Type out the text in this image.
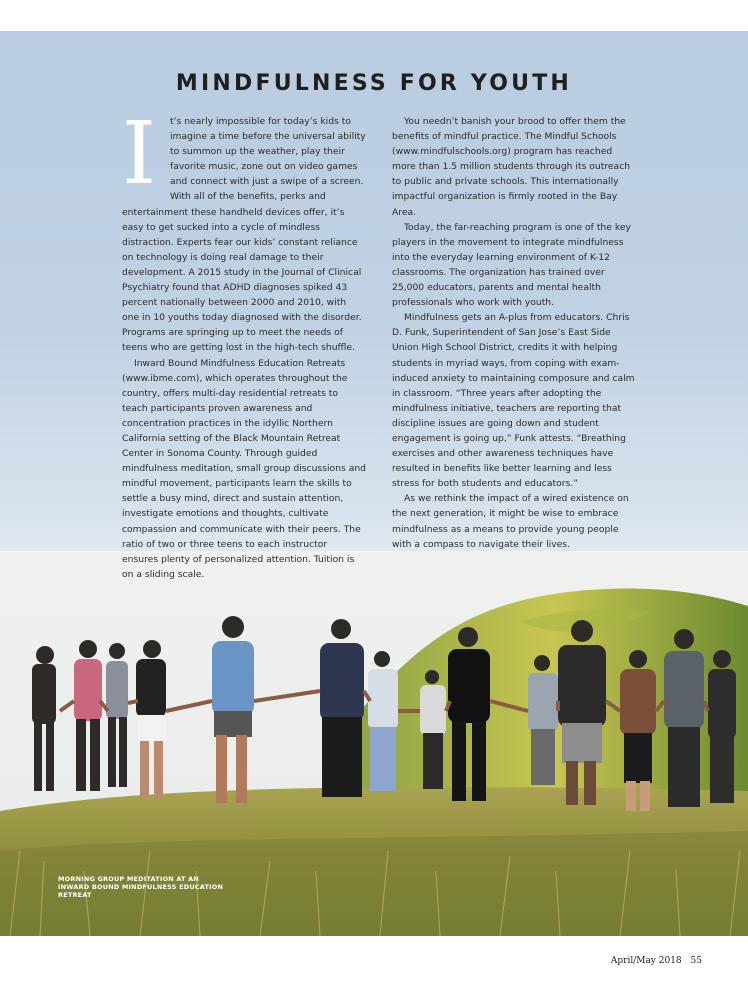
MINDFULNESS FOR YOUTH

I t’s nearly impossible for today’s kids to imagine a time before the universal ability to summon up the weather, play their favorite music, zone out on video games and connect with just a swipe of a screen. With all of the benefits, perks and entertainment these handheld devices offer, it’s easy to get sucked into a cycle of mindless distraction. Experts fear our kids’ constant reliance on technology is doing real damage to their development. A 2015 study in the Journal of Clinical Psychiatry found that ADHD diagnoses spiked 43 percent nationally between 2000 and 2010, with one in 10 youths today diagnosed with the disorder. Programs are springing up to meet the needs of teens who are getting lost in the high-tech shuffle.

Inward Bound Mindfulness Education Retreats (www.ibme.com), which operates throughout the country, offers multi-day residential retreats to teach participants proven awareness and concentration practices in the idyllic Northern California setting of the Black Mountain Retreat Center in Sonoma County. Through guided mindfulness meditation, small group discussions and mindful movement, participants learn the skills to settle a busy mind, direct and sustain attention, investigate emotions and thoughts, cultivate compassion and communicate with their peers. The ratio of two or three teens to each instructor ensures plenty of personalized attention. Tuition is on a sliding scale.

You needn’t banish your brood to offer them the benefits of mindful practice. The Mindful Schools (www.mindfulschools.org) program has reached more than 1.5 million students through its outreach to public and private schools. This internationally impactful organization is firmly rooted in the Bay Area.

Today, the far-reaching program is one of the key players in the movement to integrate mindfulness into the everyday learning environment of K-12 classrooms. The organization has trained over 25,000 educators, parents and mental health professionals who work with youth.

Mindfulness gets an A-plus from educators. Chris D. Funk, Superintendent of San Jose’s East Side Union High School District, credits it with helping students in myriad ways, from coping with exam-induced anxiety to maintaining composure and calm in classroom. “Three years after adopting the mindfulness initiative, teachers are reporting that discipline issues are going down and student engagement is going up,” Funk attests. “Breathing exercises and other awareness techniques have resulted in benefits like better learning and less stress for both students and educators.”

As we rethink the impact of a wired existence on the next generation, it might be wise to embrace mindfulness as a means to provide young people with a compass to navigate their lives.

MORNING GROUP MEDITATION AT AN INWARD BOUND MINDFULNESS EDUCATION RETREAT
April/May 2018 55
